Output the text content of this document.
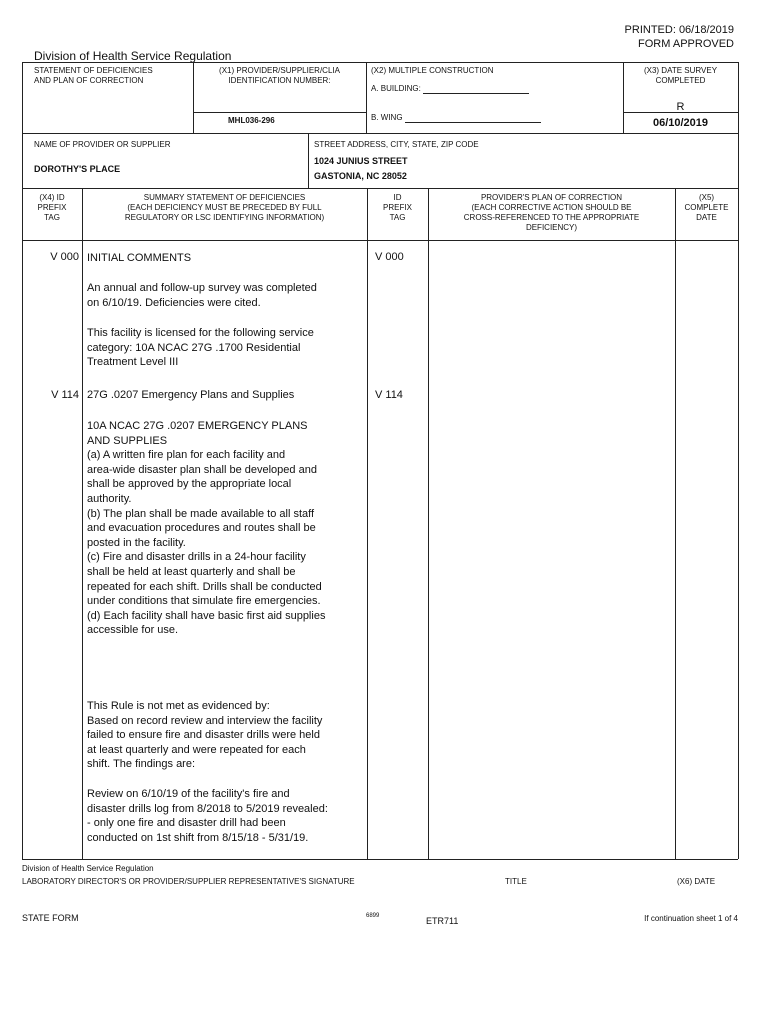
PRINTED: 06/18/2019
FORM APPROVED
Division of Health Service Regulation
STATEMENT OF DEFICIENCIES
AND PLAN OF CORRECTION
(X1) PROVIDER/SUPPLIER/CLIA
IDENTIFICATION NUMBER:
MHL036-296
(X2) MULTIPLE CONSTRUCTION
A. BUILDING:
B. WING
(X3) DATE SURVEY
COMPLETED
R
06/10/2019
NAME OF PROVIDER OR SUPPLIER
DOROTHY'S PLACE
STREET ADDRESS, CITY, STATE, ZIP CODE
1024 JUNIUS STREET
GASTONIA, NC 28052
(X4) ID
PREFIX
TAG
SUMMARY STATEMENT OF DEFICIENCIES
(EACH DEFICIENCY MUST BE PRECEDED BY FULL
REGULATORY OR LSC IDENTIFYING INFORMATION)
ID
PREFIX
TAG
PROVIDER'S PLAN OF CORRECTION
(EACH CORRECTIVE ACTION SHOULD BE
CROSS-REFERENCED TO THE APPROPRIATE
DEFICIENCY)
(X5)
COMPLETE
DATE
V 000 INITIAL COMMENTS	V 000
An annual and follow-up survey was completed
on 6/10/19. Deficiencies were cited.
This facility is licensed for the following service
category: 10A NCAC 27G .1700 Residential
Treatment Level III
V 114 27G .0207 Emergency Plans and Supplies	V 114
10A NCAC 27G .0207 EMERGENCY PLANS
AND SUPPLIES
(a) A written fire plan for each facility and
area-wide disaster plan shall be developed and
shall be approved by the appropriate local
authority.
(b) The plan shall be made available to all staff
and evacuation procedures and routes shall be
posted in the facility.
(c) Fire and disaster drills in a 24-hour facility
shall be held at least quarterly and shall be
repeated for each shift. Drills shall be conducted
under conditions that simulate fire emergencies.
(d) Each facility shall have basic first aid supplies
accessible for use.
This Rule is not met as evidenced by:
Based on record review and interview the facility
failed to ensure fire and disaster drills were held
at least quarterly and were repeated for each
shift. The findings are:
Review on 6/10/19 of the facility's fire and
disaster drills log from 8/2018 to 5/2019 revealed:
- only one fire and disaster drill had been
conducted on 1st shift from 8/15/18 - 5/31/19.
Division of Health Service Regulation
LABORATORY DIRECTOR'S OR PROVIDER/SUPPLIER REPRESENTATIVE'S SIGNATURE	TITLE	(X6) DATE
STATE FORM	6899	ETR711	If continuation sheet 1 of 4
